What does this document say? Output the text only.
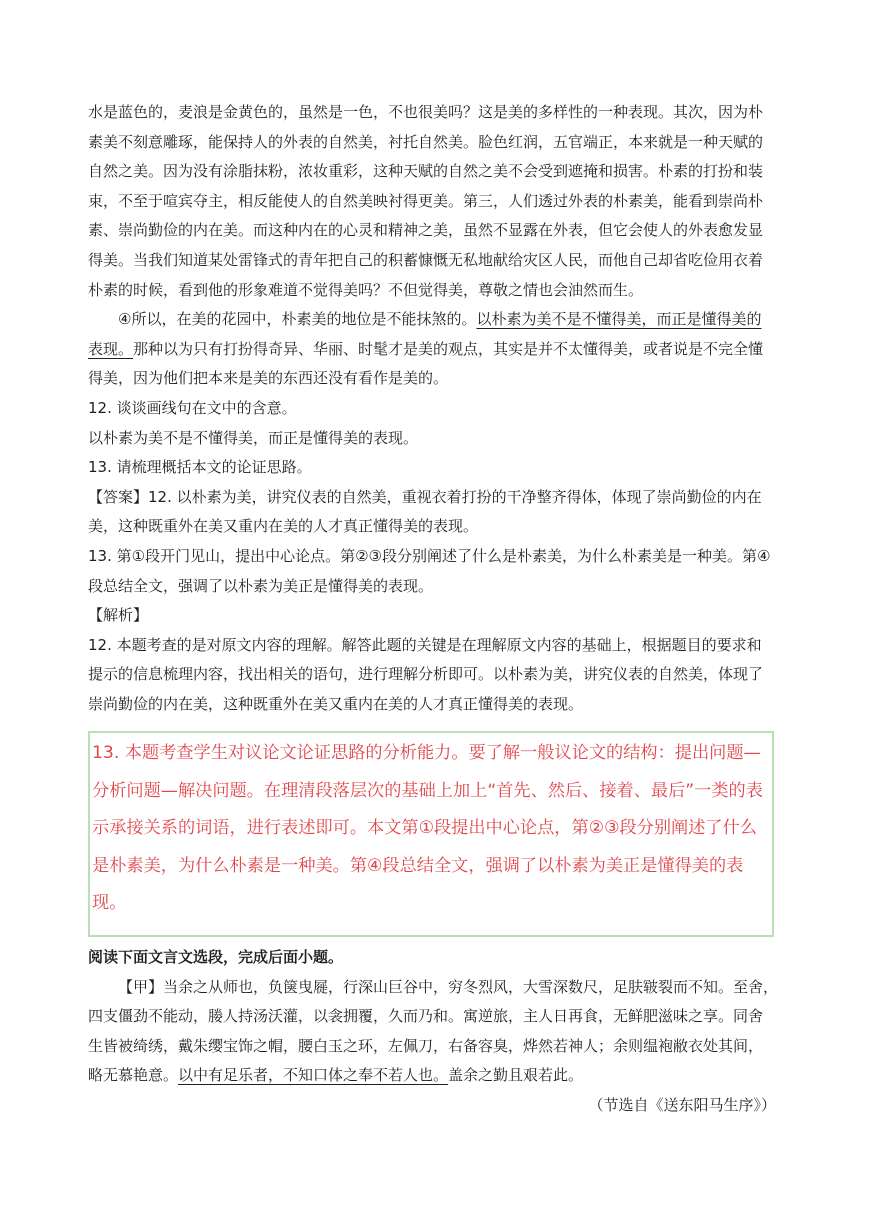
水是蓝色的，麦浪是金黄色的，虽然是一色，不也很美吗？这是美的多样性的一种表现。其次，因为朴
素美不刻意雕琢，能保持人的外表的自然美，衬托自然美。脸色红润，五官端正，本来就是一种天赋的
自然之美。因为没有涂脂抹粉，浓妆重彩，这种天赋的自然之美不会受到遮掩和损害。朴素的打扮和装
束，不至于喧宾夺主，相反能使人的自然美映衬得更美。第三，人们透过外表的朴素美，能看到崇尚朴
素、崇尚勤俭的内在美。而这种内在的心灵和精神之美，虽然不显露在外表，但它会使人的外表愈发显
得美。当我们知道某处雷锋式的青年把自己的积蓄慷慨无私地献给灾区人民，而他自己却省吃俭用衣着
朴素的时候，看到他的形象难道不觉得美吗？不但觉得美，尊敬之情也会油然而生。
④所以，在美的花园中，朴素美的地位是不能抹煞的。以朴素为美不是不懂得美，而正是懂得美的
表现。那种以为只有打扮得奇异、华丽、时髦才是美的观点，其实是并不太懂得美，或者说是不完全懂
得美，因为他们把本来是美的东西还没有看作是美的。
12. 谈谈画线句在文中的含意。
以朴素为美不是不懂得美，而正是懂得美的表现。
13. 请梳理概括本文的论证思路。
【答案】12. 以朴素为美，讲究仪表的自然美，重视衣着打扮的干净整齐得体，体现了崇尚勤俭的内在
美，这种既重外在美又重内在美的人才真正懂得美的表现。
13. 第①段开门见山，提出中心论点。第②③段分别阐述了什么是朴素美，为什么朴素美是一种美。第④
段总结全文，强调了以朴素为美正是懂得美的表现。
【解析】
12. 本题考查的是对原文内容的理解。解答此题的关键是在理解原文内容的基础上，根据题目的要求和
提示的信息梳理内容，找出相关的语句，进行理解分析即可。以朴素为美，讲究仪表的自然美，体现了
崇尚勤俭的内在美，这种既重外在美又重内在美的人才真正懂得美的表现。
13. 本题考查学生对议论文论证思路的分析能力。要了解一般议论文的结构：提出问题—
分析问题—解决问题。在理清段落层次的基础上加上“首先、然后、接着、最后”一类的表
示承接关系的词语，进行表述即可。本文第①段提出中心论点，第②③段分别阐述了什么
是朴素美，为什么朴素是一种美。第④段总结全文，强调了以朴素为美正是懂得美的表
现。
阅读下面文言文选段，完成后面小题。
【甲】当余之从师也，负箧曳屣，行深山巨谷中，穷冬烈风，大雪深数尺，足肤皲裂而不知。至舍，
四支僵劲不能动，媵人持汤沃灌，以衾拥覆，久而乃和。寓逆旅，主人日再食，无鲜肥滋味之享。同舍
生皆被绮绣，戴朱缨宝饰之帽，腰白玉之环，左佩刀，右备容臭，烨然若神人；余则缊袍敝衣处其间，
略无慕艳意。以中有足乐者，不知口体之奉不若人也。盖余之勤且艰若此。
（节选自《送东阳马生序》）
